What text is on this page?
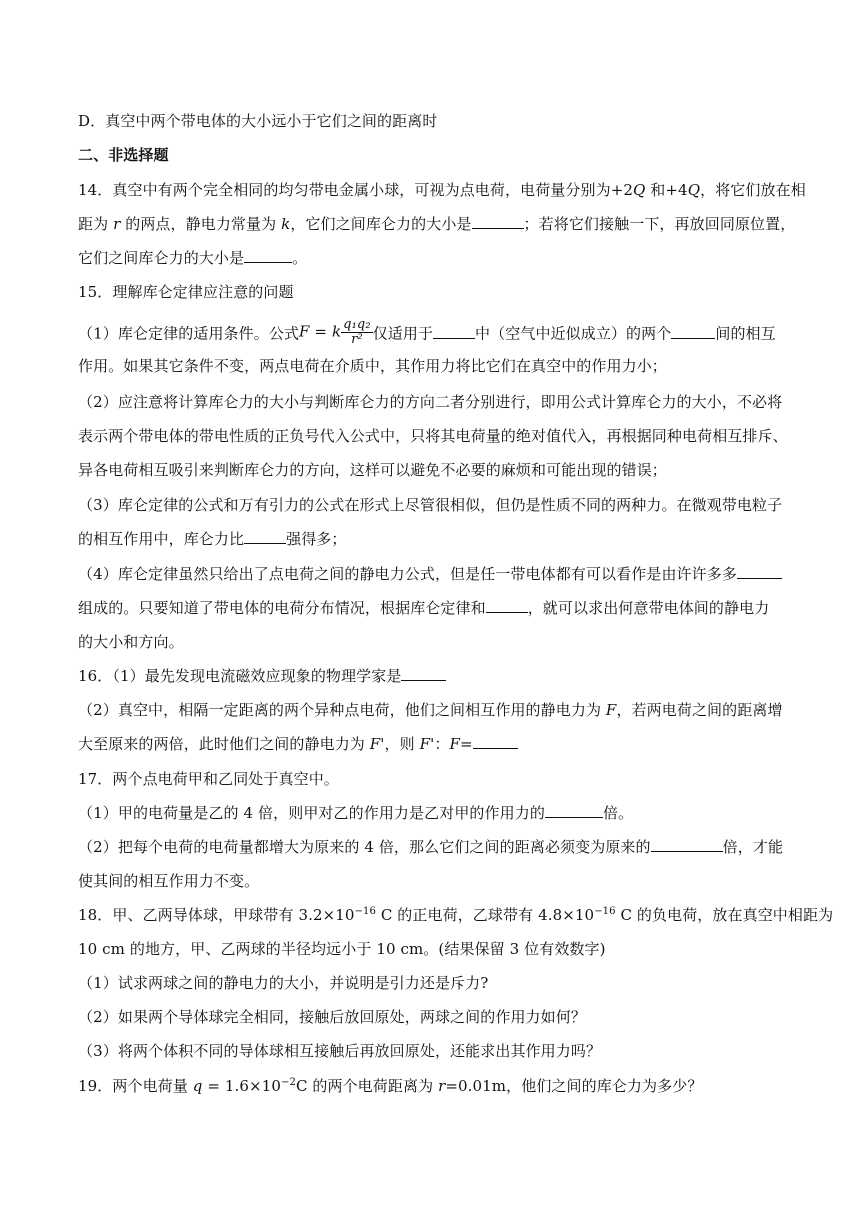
D．真空中两个带电体的大小远小于它们之间的距离时
二、非选择题
14．真空中有两个完全相同的均匀带电金属小球，可视为点电荷，电荷量分别为+2Q 和+4Q，将它们放在相
距为 r 的两点，静电力常量为 k，它们之间库仑力的大小是	；若将它们接触一下，再放回同原位置，
它们之间库仑力的大小是	。
15．理解库仑定律应注意的问题
（1）库仑定律的适用条件。公式F = k $\frac{\text{q₁q₂}}{\text{r²}}$ 仅适用于	中（空气中近似成立）的两个	间的相互
作用。如果其它条件不变，两点电荷在介质中，其作用力将比它们在真空中的作用力小；
（2）应注意将计算库仑力的大小与判断库仑力的方向二者分别进行，即用公式计算库仑力的大小，不必将
表示两个带电体的带电性质的正负号代入公式中，只将其电荷量的绝对值代入，再根据同种电荷相互排斥、
异各电荷相互吸引来判断库仑力的方向，这样可以避免不必要的麻烦和可能出现的错误；
（3）库仑定律的公式和万有引力的公式在形式上尽管很相似，但仍是性质不同的两种力。在微观带电粒子
的相互作用中，库仑力比	强得多；
（4）库仑定律虽然只给出了点电荷之间的静电力公式，但是任一带电体都有可以看作是由许许多多
组成的。只要知道了带电体的电荷分布情况，根据库仑定律和	，就可以求出何意带电体间的静电力
的大小和方向。
16．（1）最先发现电流磁效应现象的物理学家是
（2）真空中，相隔一定距离的两个异种点电荷，他们之间相互作用的静电力为 F，若两电荷之间的距离增
大至原来的两倍，此时他们之间的静电力为 F'，则 F'：F=
17．两个点电荷甲和乙同处于真空中。
（1）甲的电荷量是乙的 4 倍，则甲对乙的作用力是乙对甲的作用力的	倍。
（2）把每个电荷的电荷量都增大为原来的 4 倍，那么它们之间的距离必须变为原来的	倍，才能
使其间的相互作用力不变。
18．甲、乙两导体球，甲球带有 $3.2\times 10^{-16}$ C 的正电荷，乙球带有 $4.8\times 10^{-16}$ C 的负电荷，放在真空中相距为
10 cm 的地方，甲、乙两球的半径均远小于 10 cm。(结果保留 3 位有效数字)
（1）试求两球之间的静电力的大小，并说明是引力还是斥力?
（2）如果两个导体球完全相同，接触后放回原处，两球之间的作用力如何？
（3）将两个体积不同的导体球相互接触后再放回原处，还能求出其作用力吗？
19．两个电荷量 $q = 1.6\times 10^{-2}C$ 的两个电荷距离为 r=0.01m，他们之间的库仑力为多少？
